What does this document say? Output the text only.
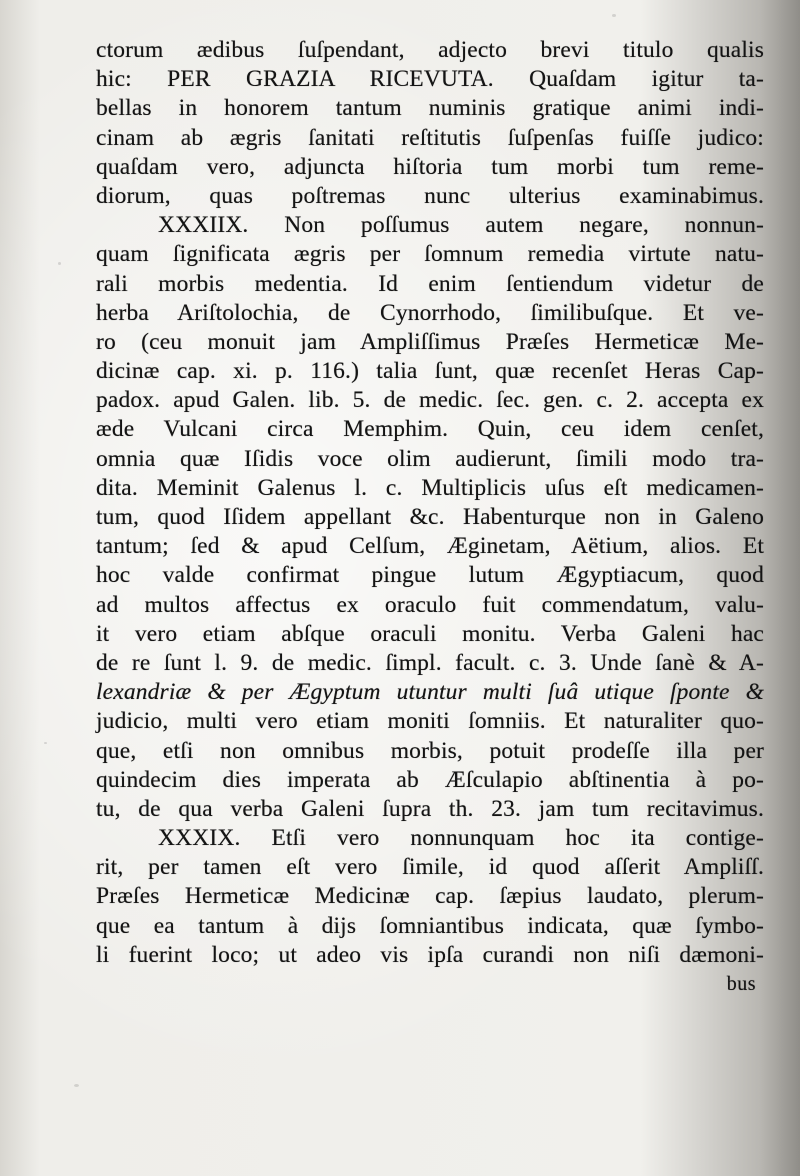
ctorum ædibus ſuſpendant, adjecto brevi titulo qualis
hic: PER GRAZIA RICEVUTA. Quaſdam igitur ta-
bellas in honorem tantum numinis gratique animi indi-
cinam ab ægris ſanitati reſtitutis ſuſpenſas fuiſſe judico:
quaſdam vero, adjuncta hiſtoria tum morbi tum reme-
diorum, quas poſtremas nunc ulterius examinabimus.
XXXIIX. Non poſſumus autem negare, nonnun-
quam ſignificata ægris per ſomnum remedia virtute natu-
rali morbis medentia. Id enim ſentiendum videtur de
herba Ariſtolochia, de Cynorrhodo, ſimilibuſque. Et ve-
ro (ceu monuit jam Ampliſſimus Præſes Hermeticæ Me-
dicinæ cap. xi. p. 116.) talia ſunt, quæ recenſet Heras Cap-
padox. apud Galen. lib. 5. de medic. ſec. gen. c. 2. accepta ex
æde Vulcani circa Memphim. Quin, ceu idem cenſet,
omnia quæ Iſidis voce olim audierunt, ſimili modo tra-
dita. Meminit Galenus l. c. Multiplicis uſus eſt medicamen-
tum, quod Iſidem appellant &c. Habenturque non in Galeno
tantum; ſed & apud Celſum, Æginetam, Aëtium, alios. Et
hoc valde confirmat pingue lutum Ægyptiacum, quod
ad multos affectus ex oraculo fuit commendatum, valu-
it vero etiam abſque oraculi monitu. Verba Galeni hac
de re ſunt l. 9. de medic. ſimpl. facult. c. 3. Unde ſanè & A-
lexandriæ & per Ægyptum utuntur multi ſuâ utique ſponte &
judicio, multi vero etiam moniti ſomniis. Et naturaliter quo-
que, etſi non omnibus morbis, potuit prodeſſe illa per
quindecim dies imperata ab Æſculapio abſtinentia à po-
tu, de qua verba Galeni ſupra th. 23. jam tum recitavimus.
XXXIX. Etſi vero nonnunquam hoc ita contige-
rit, per tamen eſt vero ſimile, id quod aſſerit Ampliſſ.
Præſes Hermeticæ Medicinæ cap. ſæpius laudato, plerum-
que ea tantum à dijs ſomniantibus indicata, quæ ſymbo-
li fuerint loco; ut adeo vis ipſa curandi non niſi dæmoni-
bus
